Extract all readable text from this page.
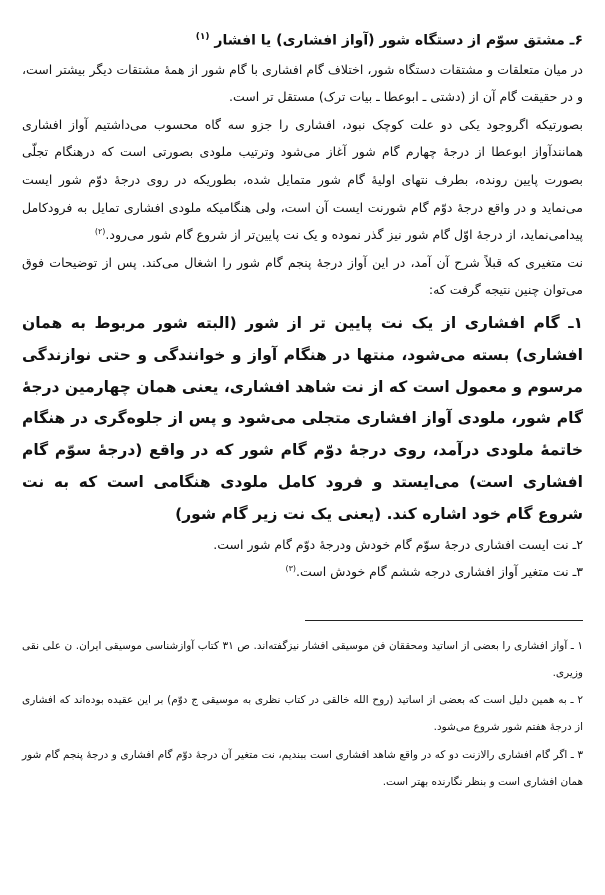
۶ـ مشتق سوّم از دستگاه شور (آواز افشاری) یا افشار $^{(۱)}$

در میان متعلقات و مشتقات دستگاه شور، اختلاف گام افشاری با گام شور از همهٔ مشتقات دیگر بیشتر است، و در حقیقت گام آن از (دشتی ـ ابوعطا ـ بیات ترک) مستقل تر است.

بصورتیکه اگروجود یکی دو علت کوچک نبود، افشاری را جزو سه گاه محسوب می‌داشتیم آواز افشاری همانندآواز ابوعطا از درجهٔ چهارم گام شور آغاز می‌شود وترتیب ملودی بصورتی است که درهنگام تجلّی بصورت پایین رونده، بطرف نتهای اولیهٔ گام شور متمایل شده، بطوریکه در روی درجهٔ دوّم شور ایست می‌نماید و در واقع درجهٔ دوّم گام شورنت ایست آن است، ولی هنگامیکه ملودی افشاری تمایل به فرودکامل پیدامی‌نماید، از درجهٔ اوّل گام شور نیز گذر نموده و یک نت پایین‌تر از شروع گام شور می‌رود.$^{(۲)}$

نت متغیری که قبلاً شرح آن آمد، در این آواز درجهٔ پنجم گام شور را اشغال می‌کند. پس از توضیحات فوق می‌توان چنین نتیجه گرفت که:

۱ـ گام افشاری از یک نت پایین تر از شور (البته شور مربوط به همان افشاری) بسته می‌شود، منتها در هنگام آواز و خوانندگی و حتی نوازندگی مرسوم و معمول است که از نت شاهد افشاری، یعنی همان چهارمین درجهٔ گام شور، ملودی آواز افشاری متجلی می‌شود و پس از جلوه‌گری در هنگام خاتمهٔ ملودی درآمد، روی درجهٔ دوّم گام شور که در واقع (درجهٔ سوّم گام افشاری است) می‌ایستد و فرود کامل ملودی هنگامی است که به نت شروع گام خود اشاره کند. (یعنی یک نت زیر گام شور)

۲ـ نت ایست افشاری درجهٔ سوّم گام خودش ودرجهٔ دوّم گام شور است.

۳ـ نت متغیر آواز افشاری درجه ششم گام خودش است.$^{(۳)}$

۱ ـ آواز افشاری را بعضی از اساتید ومحققان فن موسیقی افشار نیزگفته‌اند. ص ۳۱ کتاب آوازشناسی موسیقی ایران. ن علی نقی وزیری.

۲ ـ به همین دلیل است که بعضی از اساتید (روح الله خالقی در کتاب نظری به موسیقی ج دوّم) بر این عقیده بوده‌اند که افشاری از درجهٔ هفتم شور شروع می‌شود.

۳ ـ اگر گام افشاری رالازنت دو که در واقع شاهد افشاری است ببندیم، نت متغیر آن درجهٔ دوّم گام افشاری و درجهٔ پنجم گام شور همان افشاری است و بنظر نگارنده بهتر است.
